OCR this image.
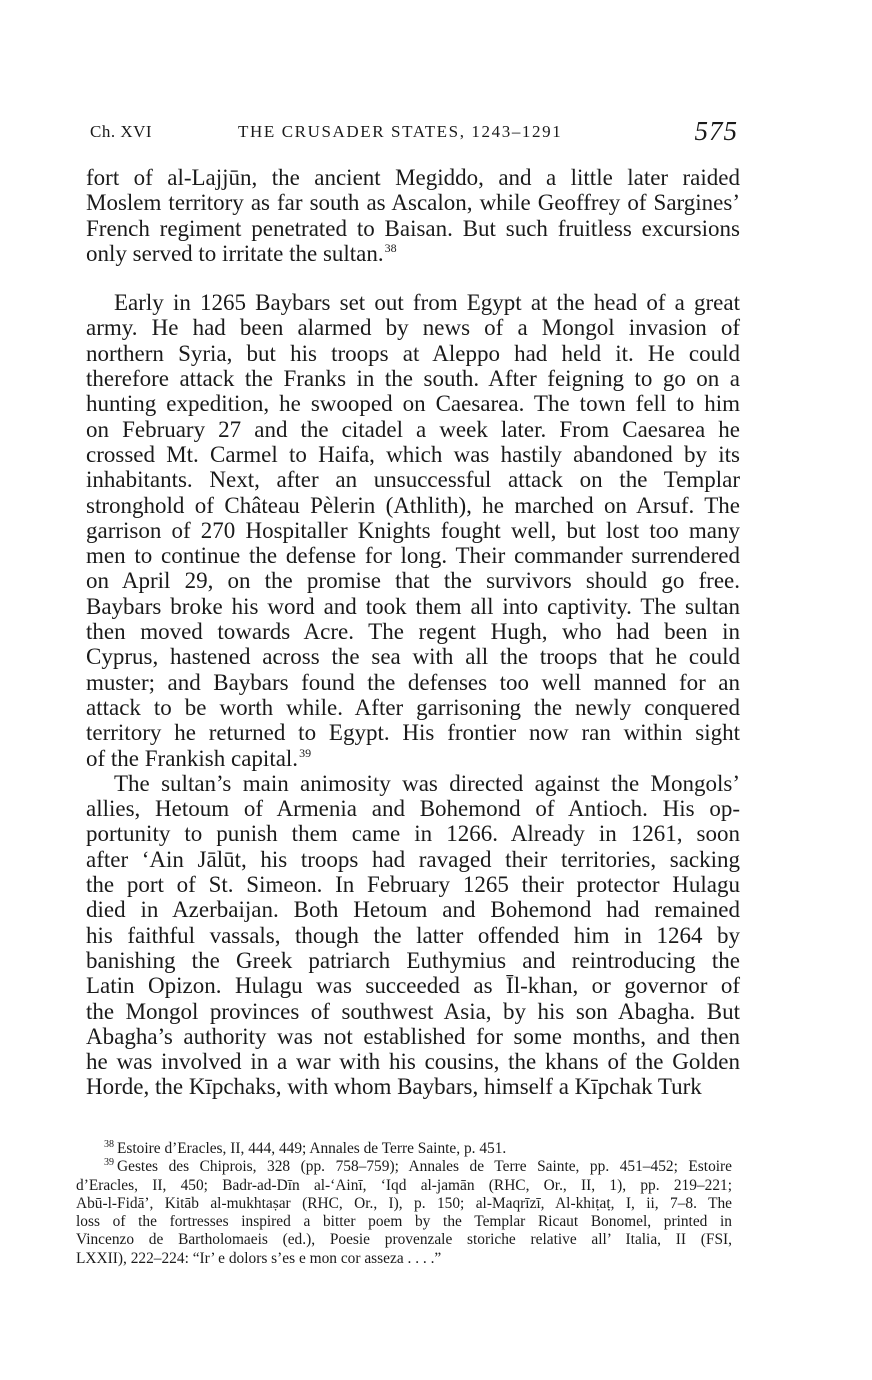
Ch. XVI	THE CRUSADER STATES, 1243–1291	575
fort of al-Lajjūn, the ancient Megiddo, and a little later raided
Moslem territory as far south as Ascalon, while Geoffrey of Sargines’
French regiment penetrated to Baisan. But such fruitless excursions
only served to irritate the sultan.$^{38}$
Early in 1265 Baybars set out from Egypt at the head of a great
army. He had been alarmed by news of a Mongol invasion of
northern Syria, but his troops at Aleppo had held it. He could
therefore attack the Franks in the south. After feigning to go on a
hunting expedition, he swooped on Caesarea. The town fell to him
on February 27 and the citadel a week later. From Caesarea he
crossed Mt. Carmel to Haifa, which was hastily abandoned by its
inhabitants. Next, after an unsuccessful attack on the Templar
stronghold of Château Pèlerin (Athlith), he marched on Arsuf. The
garrison of 270 Hospitaller Knights fought well, but lost too many
men to continue the defense for long. Their commander surrendered
on April 29, on the promise that the survivors should go free.
Baybars broke his word and took them all into captivity. The sultan
then moved towards Acre. The regent Hugh, who had been in
Cyprus, hastened across the sea with all the troops that he could
muster; and Baybars found the defenses too well manned for an
attack to be worth while. After garrisoning the newly conquered
territory he returned to Egypt. His frontier now ran within sight
of the Frankish capital.$^{39}$
The sultan’s main animosity was directed against the Mongols’
allies, Hetoum of Armenia and Bohemond of Antioch. His op-
portunity to punish them came in 1266. Already in 1261, soon
after ‘Ain Jālūt, his troops had ravaged their territories, sacking
the port of St. Simeon. In February 1265 their protector Hulagu
died in Azerbaijan. Both Hetoum and Bohemond had remained
his faithful vassals, though the latter offended him in 1264 by
banishing the Greek patriarch Euthymius and reintroducing the
Latin Opizon. Hulagu was succeeded as Īl-khan, or governor of
the Mongol provinces of southwest Asia, by his son Abagha. But
Abagha’s authority was not established for some months, and then
he was involved in a war with his cousins, the khans of the Golden
Horde, the Kīpchaks, with whom Baybars, himself a Kīpchak Turk
$^{38}$ Estoire d’Eracles, II, 444, 449; Annales de Terre Sainte, p. 451.
$^{39}$ Gestes des Chiprois, 328 (pp. 758–759); Annales de Terre Sainte, pp. 451–452; Estoire
d’Eracles, II, 450; Badr-ad-Dīn al-‘Ainī, ‘Iqd al-jamān (RHC, Or., II, 1), pp. 219–221;
Abū-l-Fidā’, Kitāb al-mukhtaṣar (RHC, Or., I), p. 150; al-Maqrīzī, Al-khiṭaṭ, I, ii, 7–8. The
loss of the fortresses inspired a bitter poem by the Templar Ricaut Bonomel, printed in
Vincenzo de Bartholomaeis (ed.), Poesie provenzale storiche relative all’ Italia, II (FSI,
LXXII), 222–224: “Ir’ e dolors s’es e mon cor asseza . . . .”
